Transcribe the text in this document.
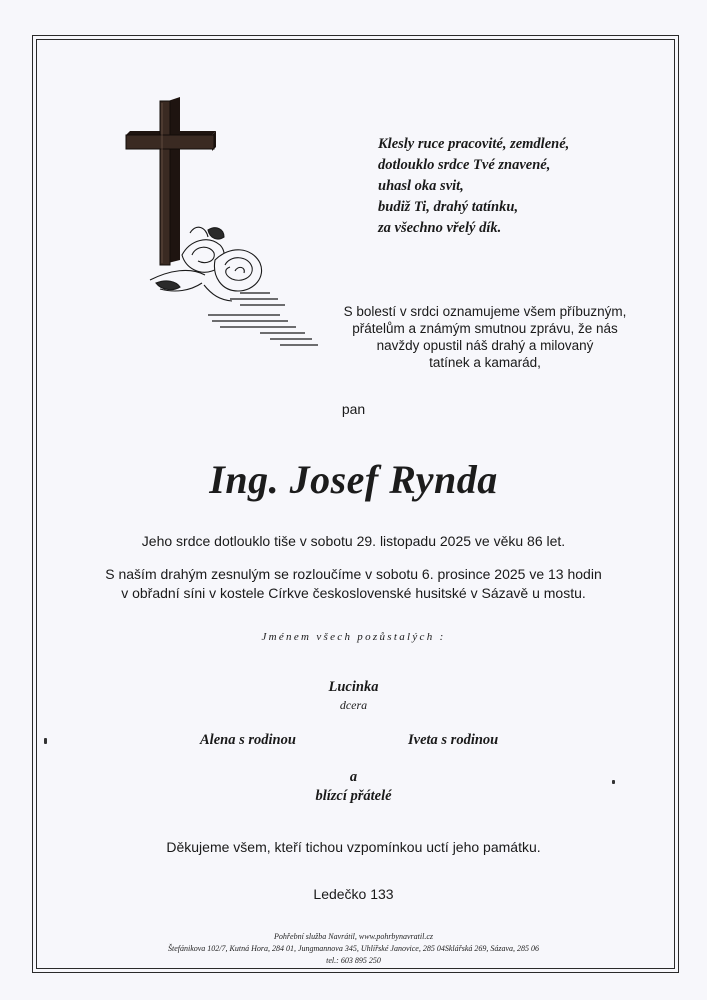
Klesly ruce pracovité, zemdlené,
dotlouklo srdce Tvé znavené,
uhasl oka svit,
budiž Ti, drahý tatínku,
za všechno vřelý dík.
S bolestí v srdci oznamujeme všem příbuzným,
přátelům a známým smutnou zprávu, že nás
navždy opustil náš drahý a milovaný
tatínek a kamarád,
pan
Ing. Josef Rynda
Jeho srdce dotlouklo tiše v sobotu 29. listopadu 2025 ve věku 86 let.
S naším drahým zesnulým se rozloučíme v sobotu 6. prosince 2025 ve 13 hodin
v obřadní síni v kostele Církve československé husitské v Sázavě u mostu.
Jménem všech pozůstalých :
Lucinka
dcera
Alena s rodinou	Iveta s rodinou
a
blízcí přátelé
Děkujeme všem, kteří tichou vzpomínkou uctí jeho památku.
Ledečko 133
Pohřební služba Navrátil, www.pohrbynavratil.cz
Štefánikova 102/7, Kutná Hora, 284 01, Jungmannova 345, Uhlířské Janovice, 285 04Sklářská 269, Sázava, 285 06
tel.: 603 895 250
